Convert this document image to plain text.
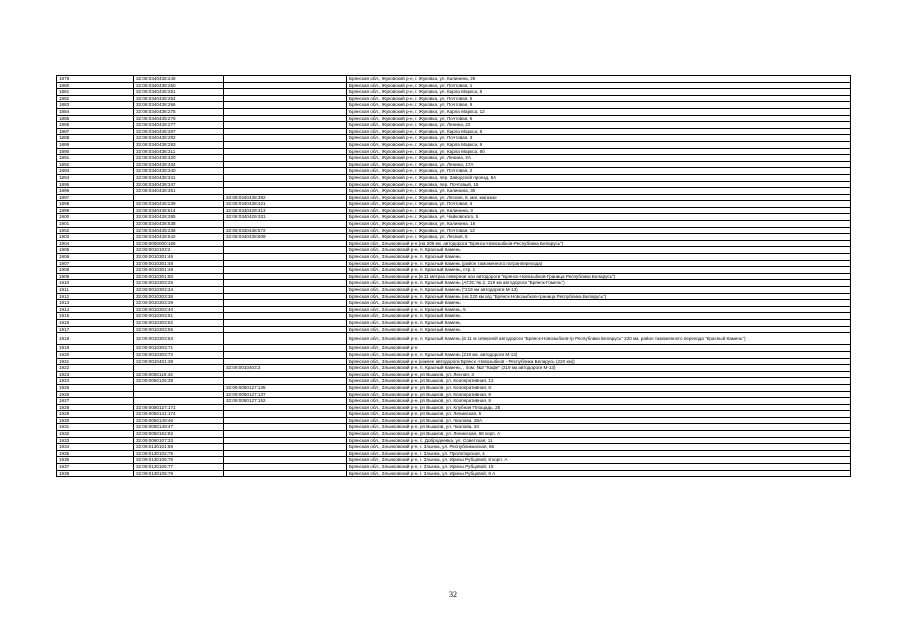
1879	32:08:0340438:248		Брянская обл., Жуковский р-н, г. Жуковка, ул. Калинина, 26
1880	32:08:0340438:250		Брянская обл., Жуковский р-н, г. Жуковка, ул. Почтовая, 1
1881	32:08:0340438:251		Брянская обл., Жуковский р-н, г. Жуковка, ул. Карла Маркса, 8
1882	32:08:0340438:254		Брянская обл., Жуковский р-н, г. Жуковка, ул. Почтовая, 5
1883	32:08:0340438:266		Брянская обл., Жуковский р-н, г. Жуковка, ул. Почтовая, 9
1884	32:08:0340438:275		Брянская обл., Жуковский р-н, г. Жуковка, ул. Карла Маркса, 12
1885	32:08:0340438:276		Брянская обл., Жуковский р-н, г. Жуковка, ул. Почтовая, 6
1886	32:08:0340438:277		Брянская обл., Жуковский р-н, г. Жуковка, ул. Ленина, 22
1887	32:08:0340438:287		Брянская обл., Жуковский р-н, г. Жуковка, ул. Карла Маркса, 6
1888	32:08:0340438:292		Брянская обл., Жуковский р-н, г. Жуковка, ул. Почтовая, 3
1889	32:08:0340438:293		Брянская обл., Жуковский р-н, г. Жуковка, ул. Карла Маркса, 9
1890	32:08:0340438:311		Брянская обл., Жуковский р-н, г. Жуковка, ул. Карла Маркса, 8б
1891	32:08:0340438:320		Брянская обл., Жуковский р-н, г. Жуковка, ул. Ленина, 2А
1892	32:08:0340438:334		Брянская обл., Жуковский р-н, г. Жуковка, ул. Ленина, 17А
1893	32:08:0340438:340		Брянская обл., Жуковский р-н, г. Жуковка, ул. Почтовая, 2
1894	32:08:0340438:341		Брянская обл., Жуковский р-н, г. Жуковка, пер. Заводской проезд, 5А
1895	32:08:0340438:347		Брянская обл., Жуковский р-н, г. Жуковка, пер. Почтовый, 15
1896	32:08:0340438:351		Брянская обл., Жуковский р-н, г. Жуковка, ул. Калинина, 30
1897		32:08:0340438:382	Брянская обл., Жуковский р-н, г. Жуковка, ул. Лесная, 8, маг. магазин
1898	32:08:0340438:239	32:08:0340438:421	Брянская обл., Жуковский р-н, г. Жуковка, ул. Почтовая, 4
1899	32:08:0340438:514	32:08:0340429:313	Брянская обл., Жуковский р-н, г. Жуковка, ул. Калинина, 3
1900	32:08:0340428:285	32:08:0340429:331	Брянская обл., Жуковский р-н, г. Жуковка, ул. Чайковского, 5
1901	32:08:0340438:538		Брянская обл., Жуковский р-н, г. Жуковка, ул. Калинина, 16
1902	32:08:0340438:236	32:08:0340438:572	Брянская обл., Жуковский р-н, г. Жуковка, ул. Почтовая, 12
1903	32:08:0340438:542	32:08:0340438:609	Брянская обл., Жуковский р-н, г. Жуковка, ул. Лесная, 6
1904	32:09:0000000:166		Брянская обл., Злынковский р-н (на 209 км. автодороги "Брянск-Новозыбков-Республика Беларусь")
1905	32:09:0010103:2		Брянская обл., Злынковский р-н, п. Красный Камень
1906	32:09:0010301:46		Брянская обл., Злынковский р-н, п. Красный Камень
1907	32:09:0010301:48		Брянская обл., Злынковский р-н, п. Красный Камень (район таможенного погранперехода)
1908	32:09:0010301:49		Брянская обл., Злынковский р-н, п. Красный Камень, стр. 1
1909	32:09:0010301:50		Брянская обл., Злынковский р-н (в 11 метрах северное оси автодороги "Брянск-Новозыбков-Граница Республики Беларусь")
1910	32:09:0010303:26		Брянская обл., Злынковский р-н, п. Красный Камень (АГЗС № 2, 219 км автодороги "Брянск-Гомель")
1911	32:09:0010303:34		Брянская обл., Злынковский р-н, п. Красный Камень ("219 км автодороги М-13)
1912	32:09:0010303:36		Брянская обл., Злынковский р-н, п. Красный Камень (на 220 км а/д "Брянск-Новозыбков-граница Республика Беларусь")
1913	32:09:0010303:39		Брянская обл., Злынковский р-н, п. Красный Камень
1914	32:09:0010303:40		Брянская обл., Злынковский р-н, п. Красный Камень, 5
1915	32:09:0010303:51		Брянская обл., Злынковский р-н, п. Красный Камень
1916	32:09:0010303:52		Брянская обл., Злынковский р-н, п. Красный Камень
1917	32:09:0010303:55		Брянская обл., Злынковский р-н, п. Красный Камень
1918	32:09:0010303:63		Брянская обл., Злынковский р-н, п. Красный Камень (в 11 м северней автодороги "Брянск-Новозыбков-гр Республики Беларусь" 220 км, район таможенного перехода "Красный Камень")
1919	32:09:0010303:71		Брянская обл., Злынковский р-н
1920	32:09:0010303:72		Брянская обл., Злынковский р-н, п. Красный Камень (219 км. автодороги М-13)
1921	32:09:0010401:38		Брянская обл., Злынковский р-н (южнее автодороги Брянск -Новозыбков - Республика Беларусь (220 км))
1922		32:09:0010403:3	Брянская обл., Злынковский р-н, п. Красный Камень, , пом. №2 "Кафе" (219 км автодороги М-13)
1923	32:09:0050119:43		Брянская обл., Злынковский р-н, рп Вышков, ул. Лесная, 3
1924	32:09:0050126:39		Брянская обл., Злынковский р-н, рп Вышков, ул. Кооперативная, 12
1925		32:09:0050127:135	Брянская обл., Злынковский р-н, рп Вышков, ул. Кооперативная, 8
1926		32:09:0050127:137	Брянская обл., Злынковский р-н, рп Вышков, ул. Кооперативная, 8
1927		32:09:0050127:152	Брянская обл., Злынковский р-н, рп Вышков, ул. Кооперативная, 8
1928	32:09:0050127:171		Брянская обл., Злынковский р-н, рп Вышков, ул. Клубная Площадь, 25
1929	32:09:0050141:174		Брянская обл., Злынковский р-н, рп Вышков, ул. Ленинская, 5
1930	32:09:0050149:46		Брянская обл., Злынковский р-н, рп Вышков, ул. Чкалова, 28А
1931	32:09:0050149:47		Брянская обл., Злынковский р-н, рп Вышков, ул. Чкалова, 34
1932	32:09:0050152:82		Брянская обл., Злынковский р-н, рп Вышков, ул. Ленинская, 68 корп. А
1933	32:09:0060107:33		Брянская обл., Злынковский р-н, с. Добродеевка, ул. Советская, 11
1934	32:09:0130101:69		Брянская обл., Злынковский р-н, г. Злынка, ул. Республиканская, 86
1935	32:09:0130102:75		Брянская обл., Злынковский р-н, г. Злынка, ул. Пролетарская, 4
1936	32:09:0130105:76		Брянская обл., Злынковский р-н, г. Злынка, ул. Ирины Рубцовой, 8 корп. А
1937	32:09:0130105:77		Брянская обл., Злынковский р-н, г. Злынка, ул. Ирины Рубцовой, 16
1938	32:09:0130105:79		Брянская обл., Злынковский р-н, г. Злынка, ул. Ирины Рубцовой, 8 А
32
